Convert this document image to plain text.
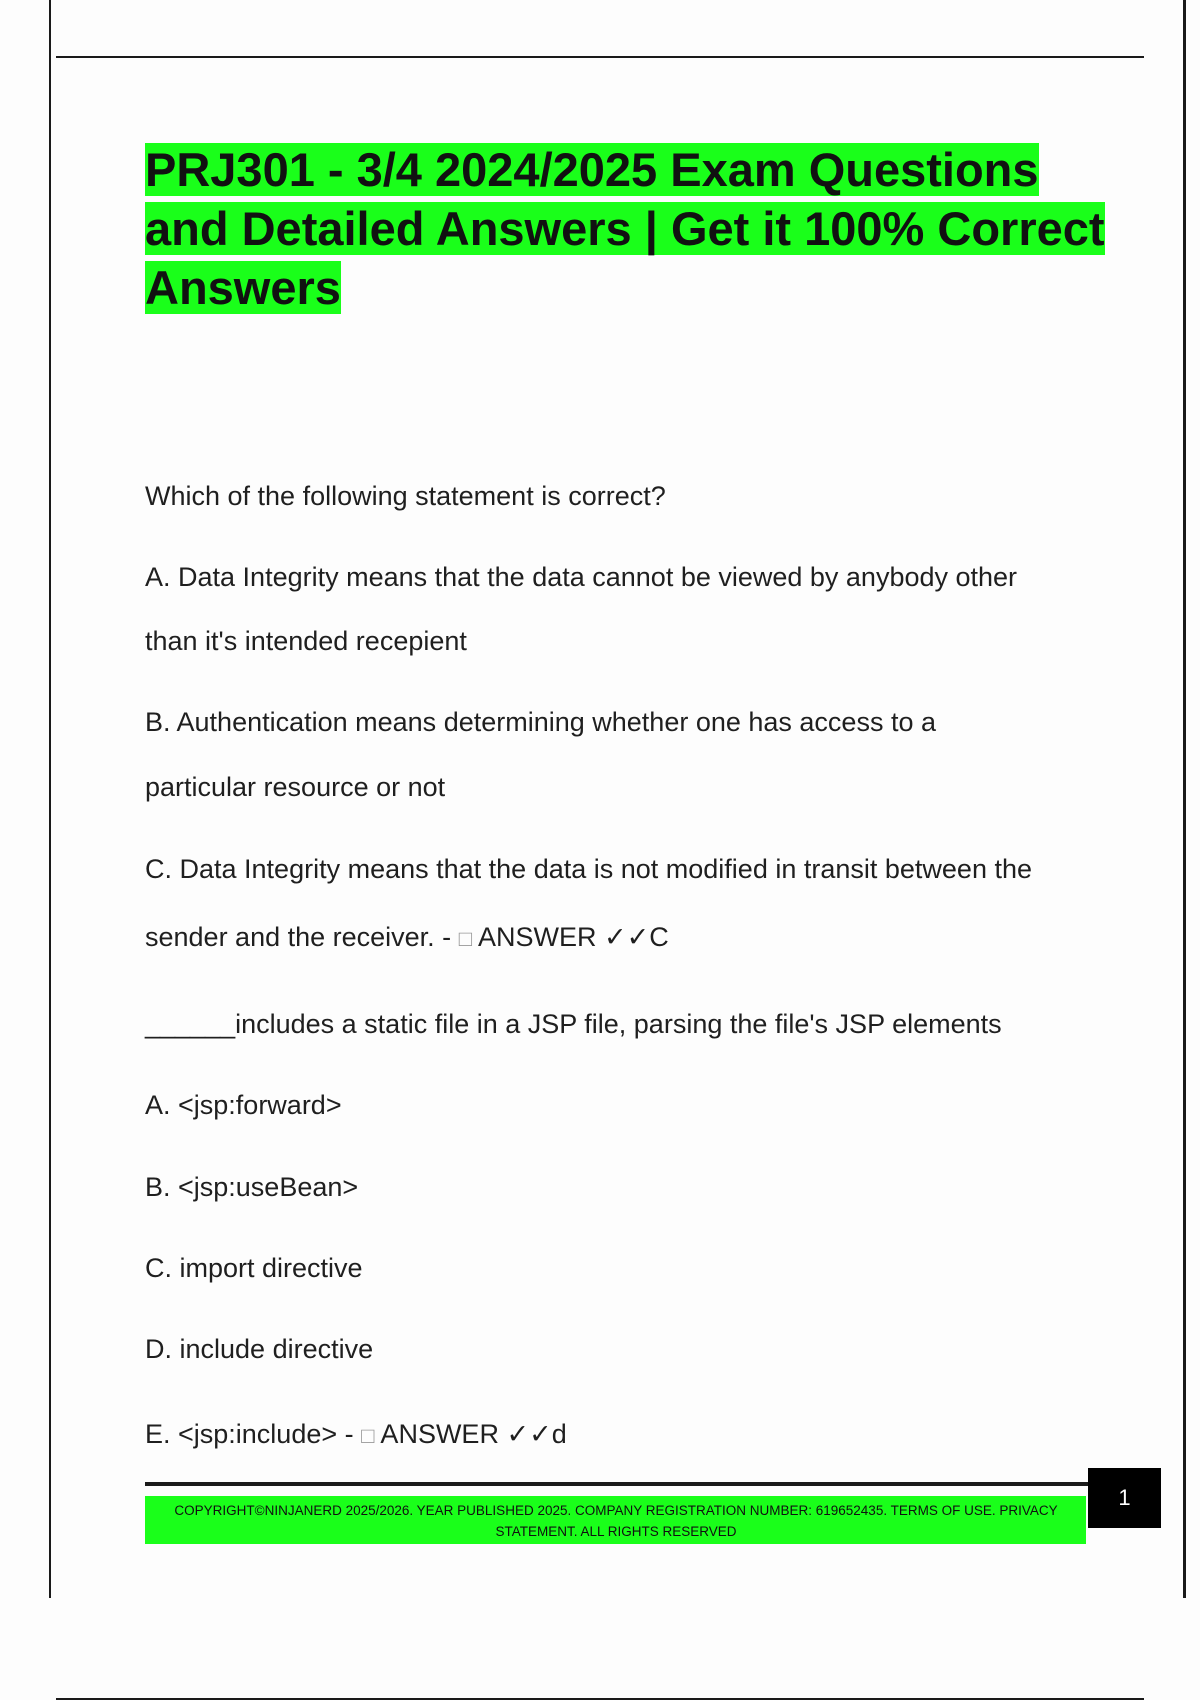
PRJ301 - 3/4 2024/2025 Exam Questions and Detailed Answers | Get it 100% Correct Answers

Which of the following statement is correct?

A. Data Integrity means that the data cannot be viewed by anybody other

than it's intended recepient

B. Authentication means determining whether one has access to a

particular resource or not

C. Data Integrity means that the data is not modified in transit between the

sender and the receiver. - □ ANSWER ✓✓C

______includes a static file in a JSP file, parsing the file's JSP elements

A. <jsp:forward>

B. <jsp:useBean>

C. import directive

D. include directive

E. <jsp:include> - □ ANSWER ✓✓d

COPYRIGHT©NINJANERD 2025/2026. YEAR PUBLISHED 2025. COMPANY REGISTRATION NUMBER: 619652435. TERMS OF USE. PRIVACY STATEMENT. ALL RIGHTS RESERVED

1
